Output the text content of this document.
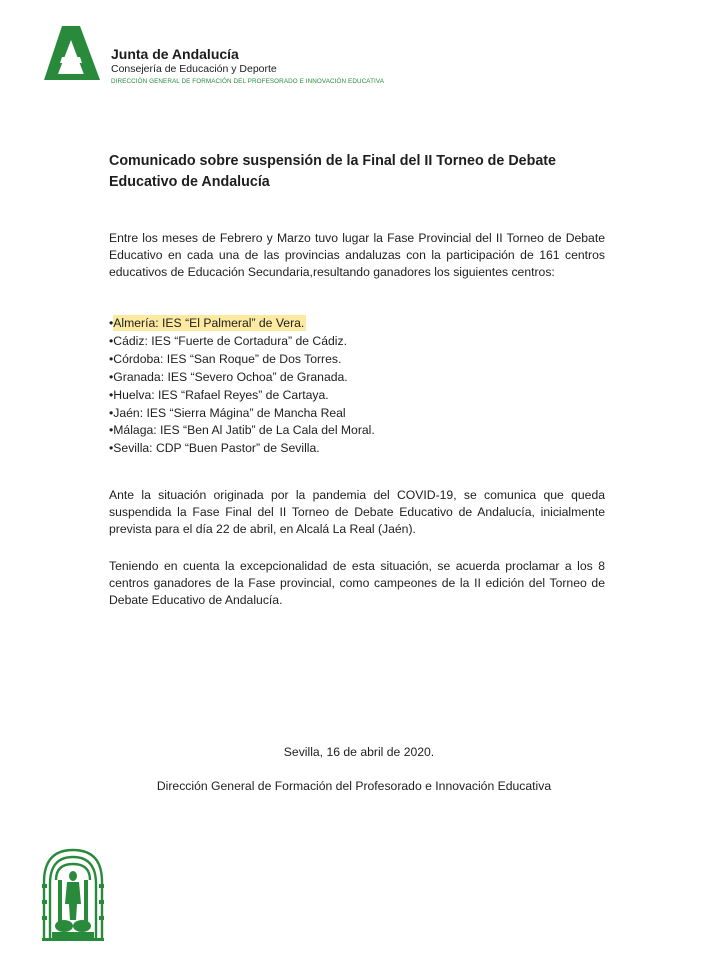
Junta de Andalucía
Consejería de Educación y Deporte
DIRECCIÓN GENERAL DE FORMACIÓN DEL PROFESORADO E INNOVACIÓN EDUCATIVA
Comunicado sobre suspensión de la Final del II Torneo de Debate
Educativo de Andalucía

Entre los meses de Febrero y Marzo tuvo lugar la Fase Provincial del II Torneo de Debate Educativo en cada una de las provincias andaluzas con la participación de 161 centros educativos de Educación Secundaria,resultando ganadores los siguientes centros:

•Almería: IES “El Palmeral” de Vera.
•Cádiz: IES “Fuerte de Cortadura” de Cádiz.
•Córdoba: IES “San Roque” de Dos Torres.
•Granada: IES “Severo Ochoa” de Granada.
•Huelva: IES “Rafael Reyes” de Cartaya.
•Jaén: IES “Sierra Mágina” de Mancha Real
•Málaga: IES “Ben Al Jatib” de La Cala del Moral.
•Sevilla: CDP “Buen Pastor” de Sevilla.

Ante la situación originada por la pandemia del COVID-19, se comunica que queda suspendida la Fase Final del II Torneo de Debate Educativo de Andalucía, inicialmente prevista para el día 22 de abril, en Alcalá La Real (Jaén).

Teniendo en cuenta la excepcionalidad de esta situación, se acuerda proclamar a los 8 centros ganadores de la Fase provincial, como campeones de la II edición del Torneo de Debate Educativo de Andalucía.

Sevilla, 16 de abril de 2020.
Dirección General de Formación del Profesorado e Innovación Educativa
